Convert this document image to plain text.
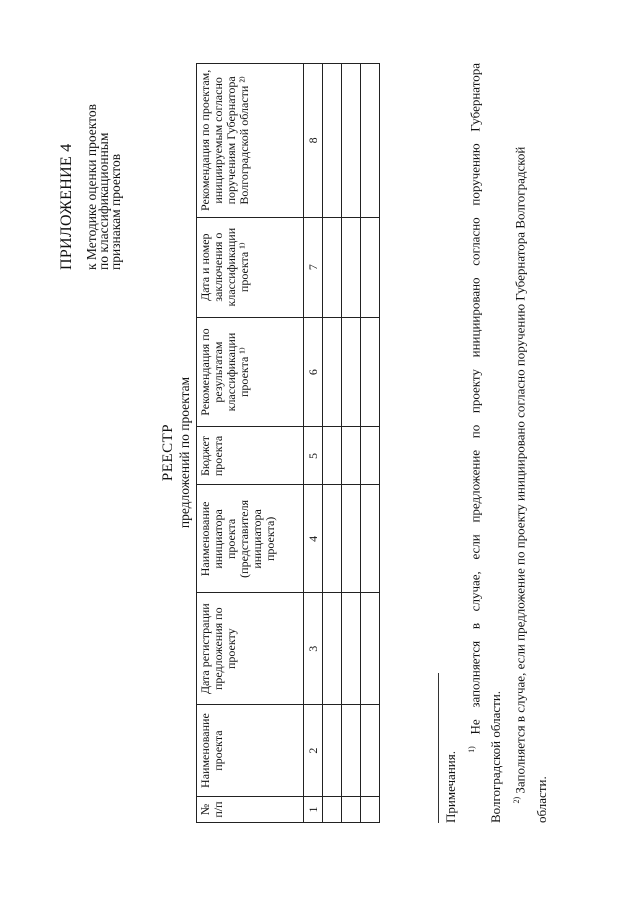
ПРИЛОЖЕНИЕ 4 к Методике оценки проектов
по классификационным
признакам проектов
РЕЕСТР предложений по проектам
№ п/п	Наименование проекта	Дата регистрации предложения по проекту	Наименование инициатора проекта (представителя инициатора проекта)	Бюджет проекта	Рекомендация по результатам классификации проекта ¹⁾	Дата и номер заключения о классификации проекта ¹⁾	Рекомендация по проектам, инициируемым согласно поручениям Губернатора Волгоградской области ²⁾
1	2	3	4	5	6	7	8

Примечания.
$^{1)}$ Не заполняется в случае, если предложение по проекту инициировано согласно поручению Губернатора
Волгоградской области.	$^{2)}$ Заполняется в случае, если предложение по проекту инициировано согласно поручению Губернатора Волгоградской
области.
